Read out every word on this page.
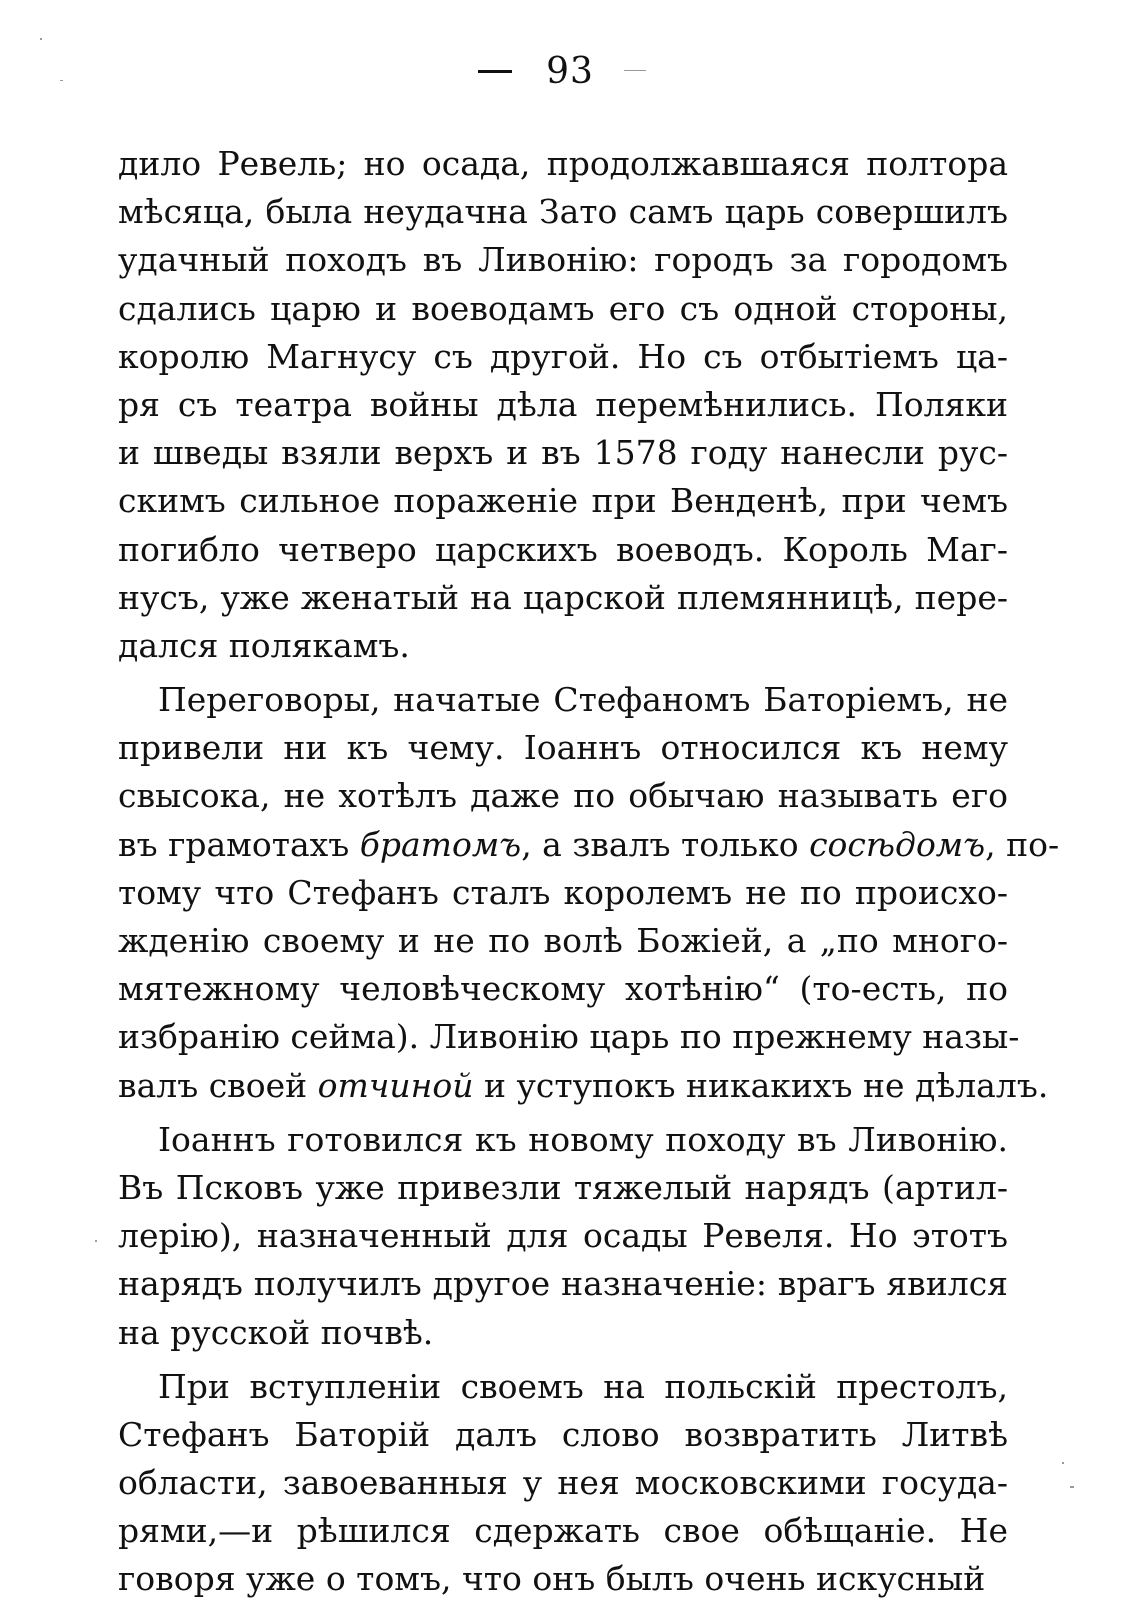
93
дило Ревель; но осада, продолжавшаяся полтора
мѣсяца, была неудачна Зато самъ царь совершилъ
удачный походъ въ Ливонію: городъ за городомъ
сдались царю и воеводамъ его съ одной стороны,
королю Магнусу съ другой. Но съ отбытіемъ ца-
ря съ театра войны дѣла перемѣнились. Поляки
и шведы взяли верхъ и въ 1578 году нанесли рус-
скимъ сильное пораженіе при Венденѣ, при чемъ
погибло четверо царскихъ воеводъ. Король Маг-
нусъ, уже женатый на царской племянницѣ, пере-
дался полякамъ.
Переговоры, начатые Стефаномъ Баторіемъ, не
привели ни къ чему. Іоаннъ относился къ нему
свысока, не хотѣлъ даже по обычаю называть его
въ грамотахъ братомъ, а звалъ только сосѣдомъ, по-
тому что Стефанъ сталъ королемъ не по происхо-
жденію своему и не по волѣ Божіей, а „по много-
мятежному человѣческому хотѣнію“ (то-есть, по
избранію сейма). Ливонію царь по прежнему назы-
валъ своей отчиной и уступокъ никакихъ не дѣлалъ.
Іоаннъ готовился къ новому походу въ Ливонію.
Въ Псковъ уже привезли тяжелый нарядъ (артил-
лерію), назначенный для осады Ревеля. Но этотъ
нарядъ получилъ другое назначеніе: врагъ явился
на русской почвѣ.
При вступленіи своемъ на польскій престолъ,
Стефанъ Баторій далъ слово возвратить Литвѣ
области, завоеванныя у нея московскими госуда-
рями,—и рѣшился сдержать свое обѣщаніе. Не
говоря уже о томъ, что онъ былъ очень искусный
